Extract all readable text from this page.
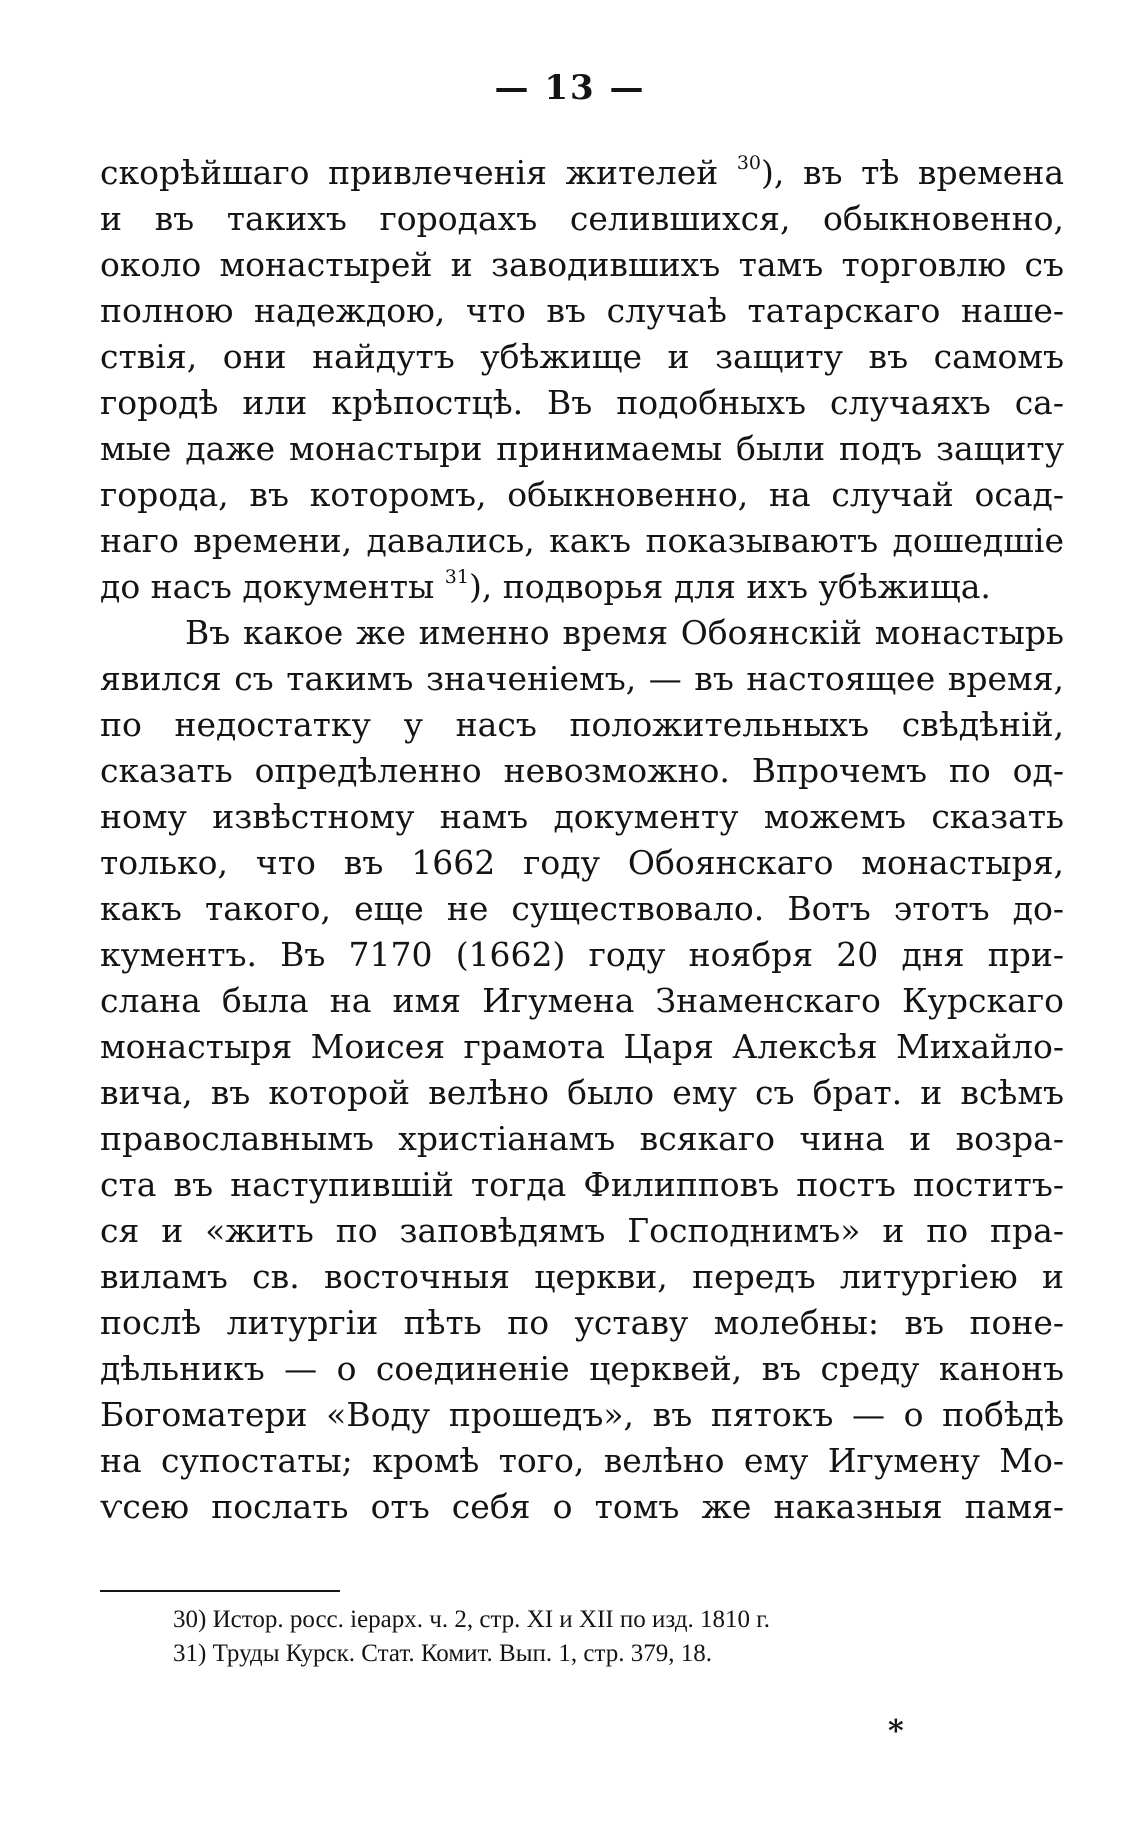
— 13 —
скорѣйшаго привлеченія жителей $^{30}$), въ тѣ времена
и въ такихъ городахъ селившихся, обыкновенно,
около монастырей и заводившихъ тамъ торговлю съ
полною надеждою, что въ случаѣ татарскаго наше-
ствія, они найдутъ убѣжище и защиту въ самомъ
городѣ или крѣпостцѣ. Въ подобныхъ случаяхъ са-
мые даже монастыри принимаемы были подъ защиту
города, въ которомъ, обыкновенно, на случай осад-
наго времени, давались, какъ показываютъ дошедшіе
до насъ документы $^{31}$), подворья для ихъ убѣжища.
Въ какое же именно время Обоянскій монастырь
явился съ такимъ значеніемъ, — въ настоящее время,
по недостатку у насъ положительныхъ свѣдѣній,
сказать опредѣленно невозможно. Впрочемъ по од-
ному извѣстному намъ документу можемъ сказать
только, что въ 1662 году Обоянскаго монастыря,
какъ такого, еще не существовало. Вотъ этотъ до-
кументъ. Въ 7170 (1662) году ноября 20 дня при-
слана была на имя Игумена Знаменскаго Курскаго
монастыря Моисея грамота Царя Алексѣя Михайло-
вича, въ которой велѣно было ему съ брат. и всѣмъ
православнымъ христіанамъ всякаго чина и возра-
ста въ наступившій тогда Филипповъ постъ поститъ-
ся и «жить по заповѣдямъ Господнимъ» и по пра-
виламъ св. восточныя церкви, передъ литургіею и
послѣ литургіи пѣть по уставу молебны: въ поне-
дѣльникъ — о соединеніе церквей, въ среду канонъ
Богоматери «Воду прошедъ», въ пятокъ — о побѣдѣ
на супостаты; кромѣ того, велѣно ему Игумену Мо-
ѵсею послать отъ себя о томъ же наказныя памя-
30) Истор. росс. іерарх. ч. 2, стр. XI и XII по изд. 1810 г.
31) Труды Курск. Стат. Комит. Вып. 1, стр. 379, 18.
*
